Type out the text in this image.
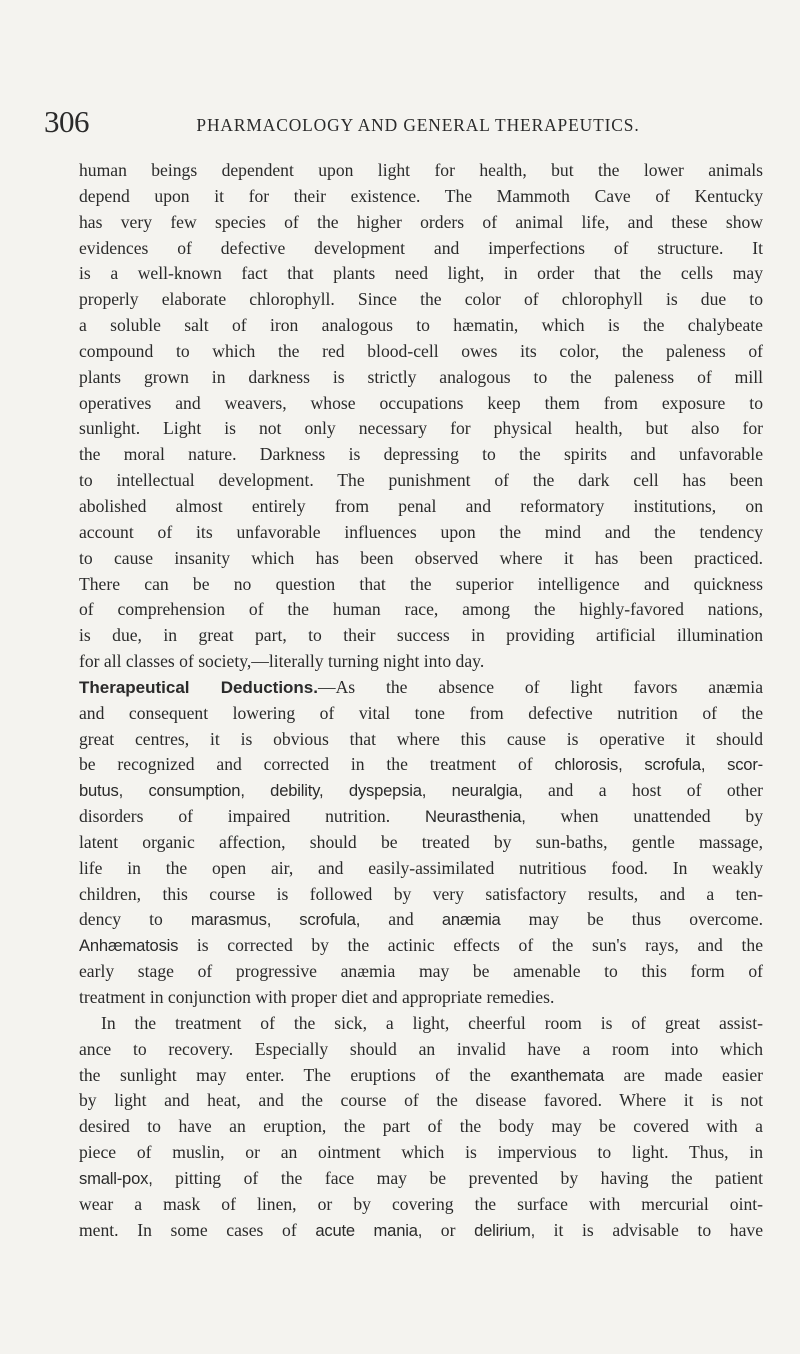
306	PHARMACOLOGY AND GENERAL THERAPEUTICS.
human beings dependent upon light for health, but the lower animals
depend upon it for their existence. The Mammoth Cave of Kentucky
has very few species of the higher orders of animal life, and these show
evidences of defective development and imperfections of structure. It
is a well-known fact that plants need light, in order that the cells may
properly elaborate chlorophyll. Since the color of chlorophyll is due to
a soluble salt of iron analogous to hæmatin, which is the chalybeate
compound to which the red blood-cell owes its color, the paleness of
plants grown in darkness is strictly analogous to the paleness of mill
operatives and weavers, whose occupations keep them from exposure to
sunlight. Light is not only necessary for physical health, but also for
the moral nature. Darkness is depressing to the spirits and unfavorable
to intellectual development. The punishment of the dark cell has been
abolished almost entirely from penal and reformatory institutions, on
account of its unfavorable influences upon the mind and the tendency
to cause insanity which has been observed where it has been practiced.
There can be no question that the superior intelligence and quickness
of comprehension of the human race, among the highly-favored nations,
is due, in great part, to their success in providing artificial illumination
for all classes of society,—literally turning night into day.
Therapeutical Deductions.—As the absence of light favors anæmia
and consequent lowering of vital tone from defective nutrition of the
great centres, it is obvious that where this cause is operative it should
be recognized and corrected in the treatment of chlorosis, scrofula, scor-
butus, consumption, debility, dyspepsia, neuralgia, and a host of other
disorders of impaired nutrition. Neurasthenia, when unattended by
latent organic affection, should be treated by sun-baths, gentle massage,
life in the open air, and easily-assimilated nutritious food. In weakly
children, this course is followed by very satisfactory results, and a ten-
dency to marasmus, scrofula, and anæmia may be thus overcome.
Anhæmatosis is corrected by the actinic effects of the sun's rays, and the
early stage of progressive anæmia may be amenable to this form of
treatment in conjunction with proper diet and appropriate remedies.
In the treatment of the sick, a light, cheerful room is of great assist-
ance to recovery. Especially should an invalid have a room into which
the sunlight may enter. The eruptions of the exanthemata are made easier
by light and heat, and the course of the disease favored. Where it is not
desired to have an eruption, the part of the body may be covered with a
piece of muslin, or an ointment which is impervious to light. Thus, in
small-pox, pitting of the face may be prevented by having the patient
wear a mask of linen, or by covering the surface with mercurial oint-
ment. In some cases of acute mania, or delirium, it is advisable to have
